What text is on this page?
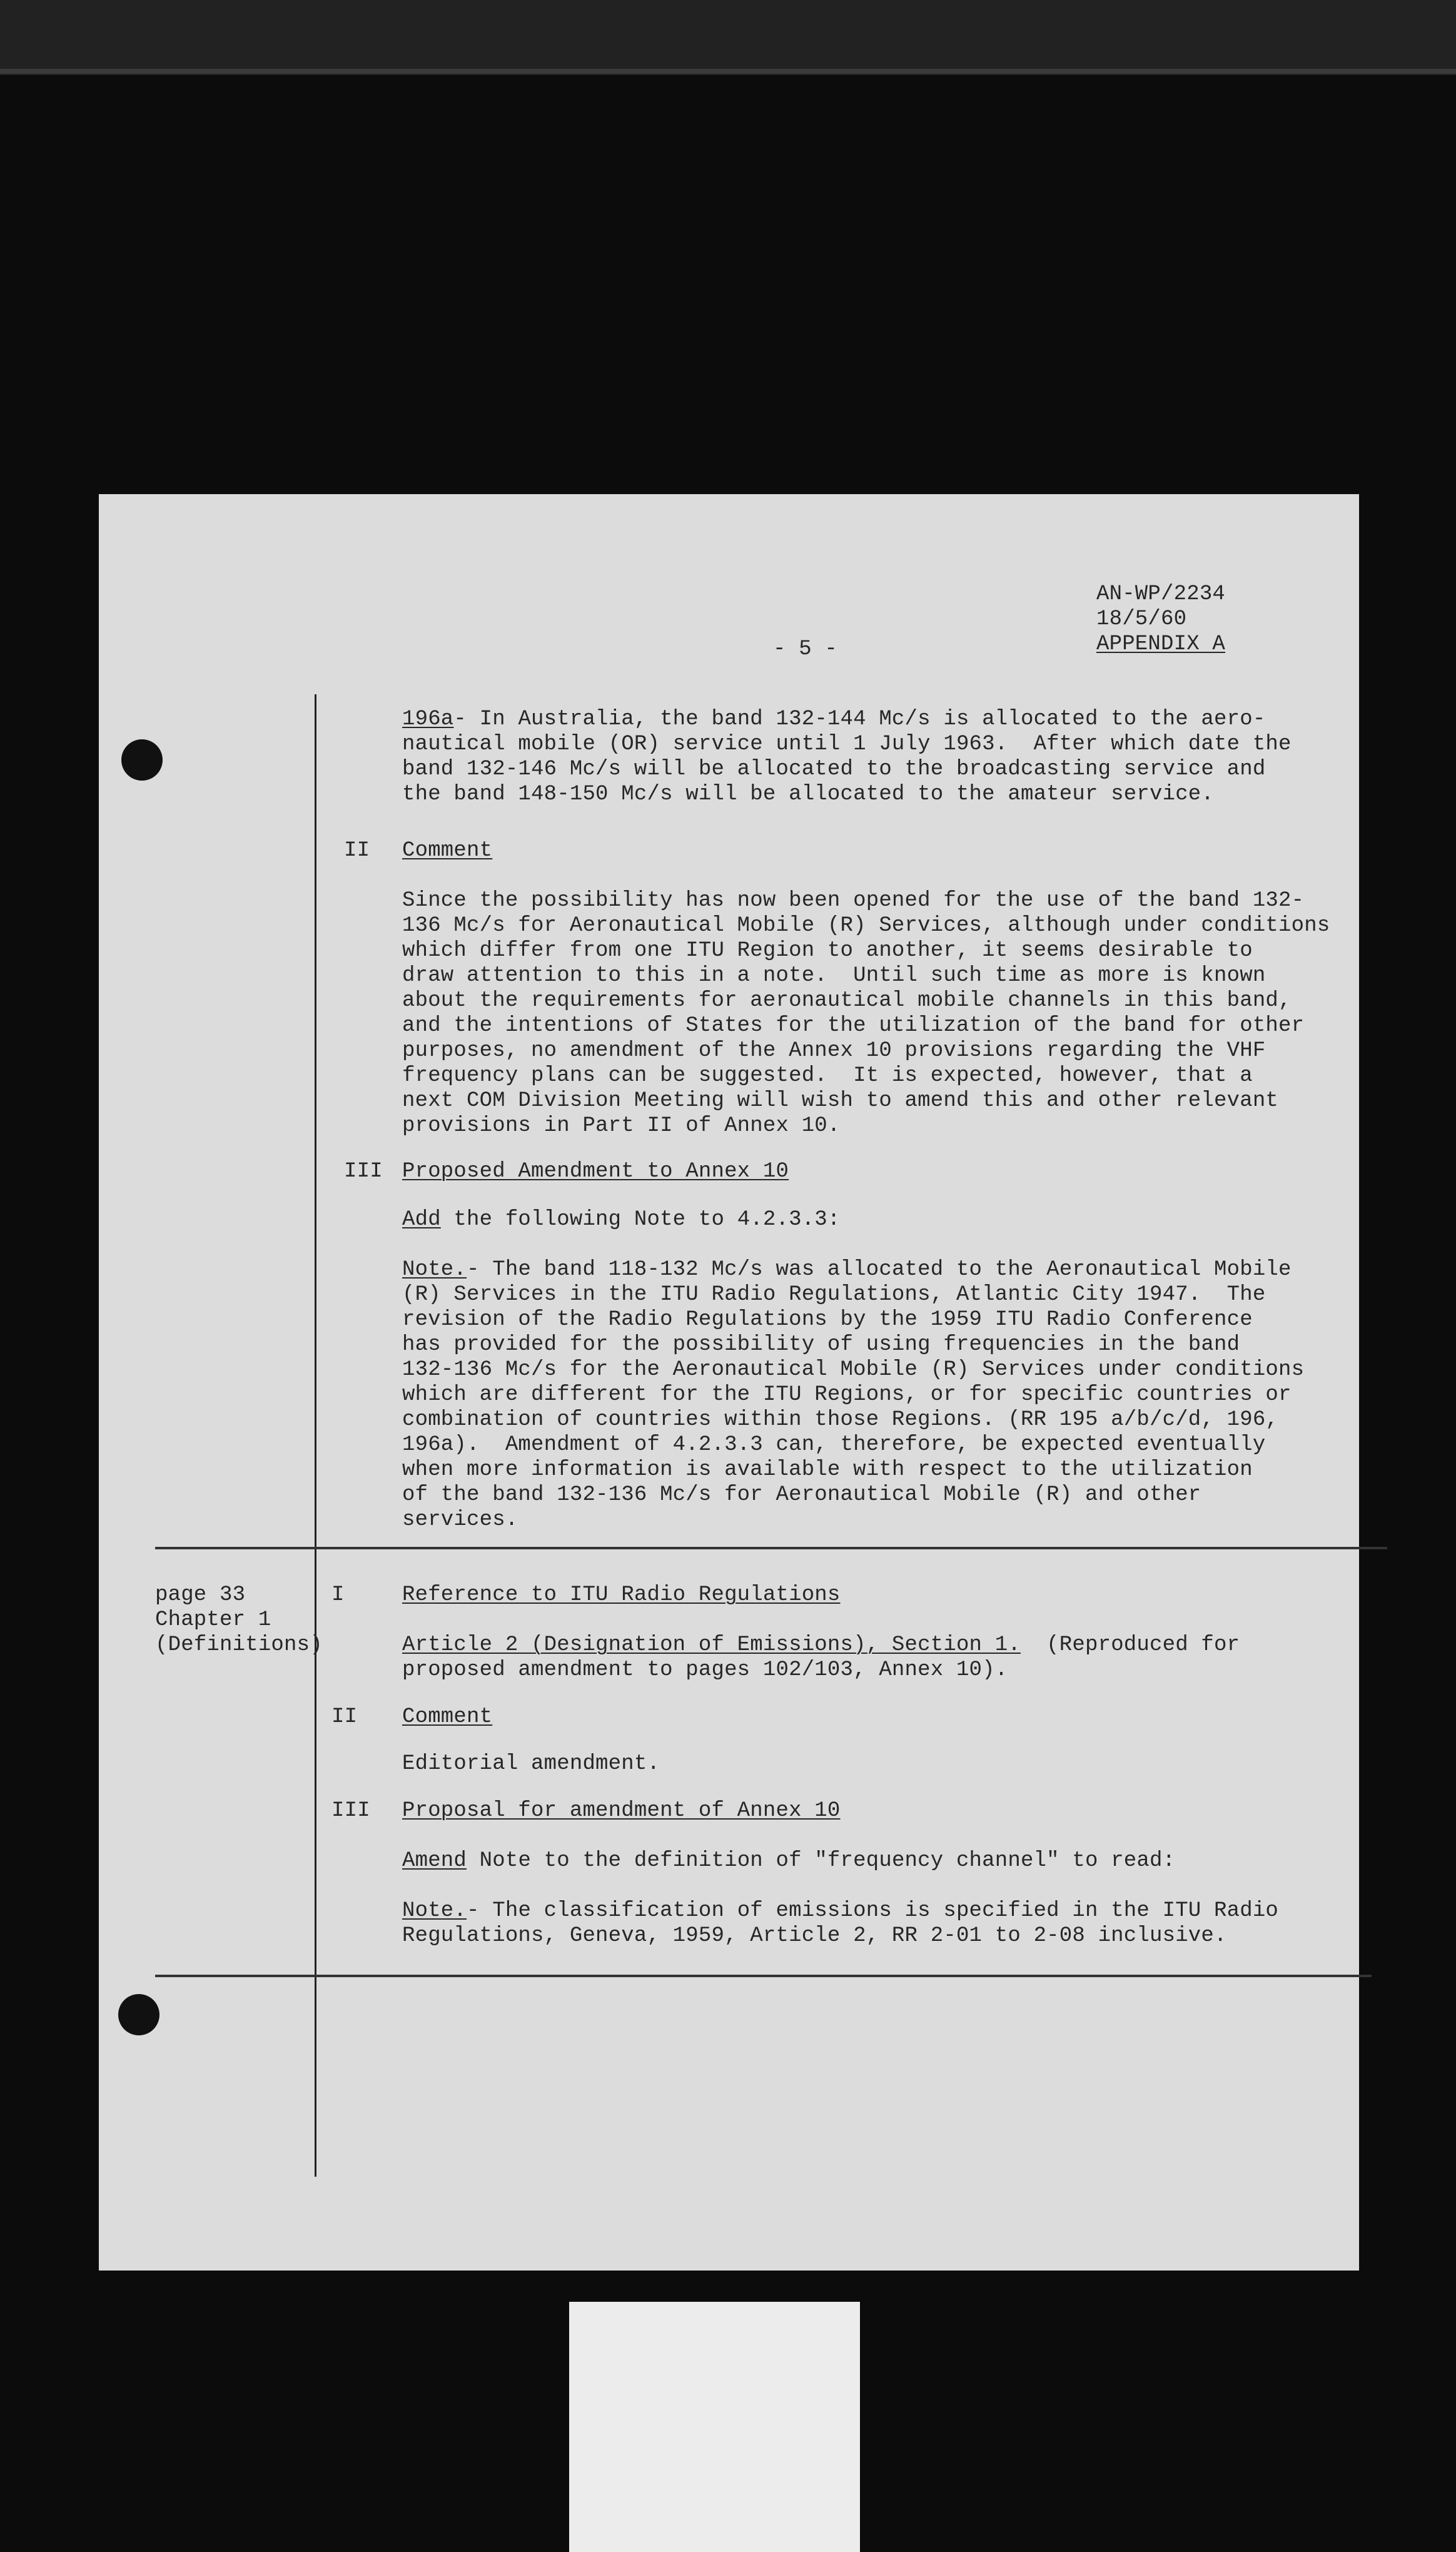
AN-WP/2234
18/5/60
APPENDIX A
- 5 -
196a- In Australia, the band 132-144 Mc/s is allocated to the aero-
nautical mobile (OR) service until 1 July 1963.  After which date the
band 132-146 Mc/s will be allocated to the broadcasting service and
the band 148-150 Mc/s will be allocated to the amateur service.
II Comment
Since the possibility has now been opened for the use of the band 132-
136 Mc/s for Aeronautical Mobile (R) Services, although under conditions
which differ from one ITU Region to another, it seems desirable to
draw attention to this in a note.  Until such time as more is known
about the requirements for aeronautical mobile channels in this band,
and the intentions of States for the utilization of the band for other
purposes, no amendment of the Annex 10 provisions regarding the VHF
frequency plans can be suggested.  It is expected, however, that a
next COM Division Meeting will wish to amend this and other relevant
provisions in Part II of Annex 10.
III Proposed Amendment to Annex 10
Add the following Note to 4.2.3.3:
Note.- The band 118-132 Mc/s was allocated to the Aeronautical Mobile
(R) Services in the ITU Radio Regulations, Atlantic City 1947.  The
revision of the Radio Regulations by the 1959 ITU Radio Conference
has provided for the possibility of using frequencies in the band
132-136 Mc/s for the Aeronautical Mobile (R) Services under conditions
which are different for the ITU Regions, or for specific countries or
combination of countries within those Regions. (RR 195 a/b/c/d, 196,
196a).  Amendment of 4.2.3.3 can, therefore, be expected eventually
when more information is available with respect to the utilization
of the band 132-136 Mc/s for Aeronautical Mobile (R) and other
services.
page 33
Chapter 1
(Definitions)
I	Reference to ITU Radio Regulations
Article 2 (Designation of Emissions), Section 1.  (Reproduced for
proposed amendment to pages 102/103, Annex 10).
II Comment
Editorial amendment.
III Proposal for amendment of Annex 10
Amend Note to the definition of "frequency channel" to read:
Note.- The classification of emissions is specified in the ITU Radio
Regulations, Geneva, 1959, Article 2, RR 2-01 to 2-08 inclusive.
